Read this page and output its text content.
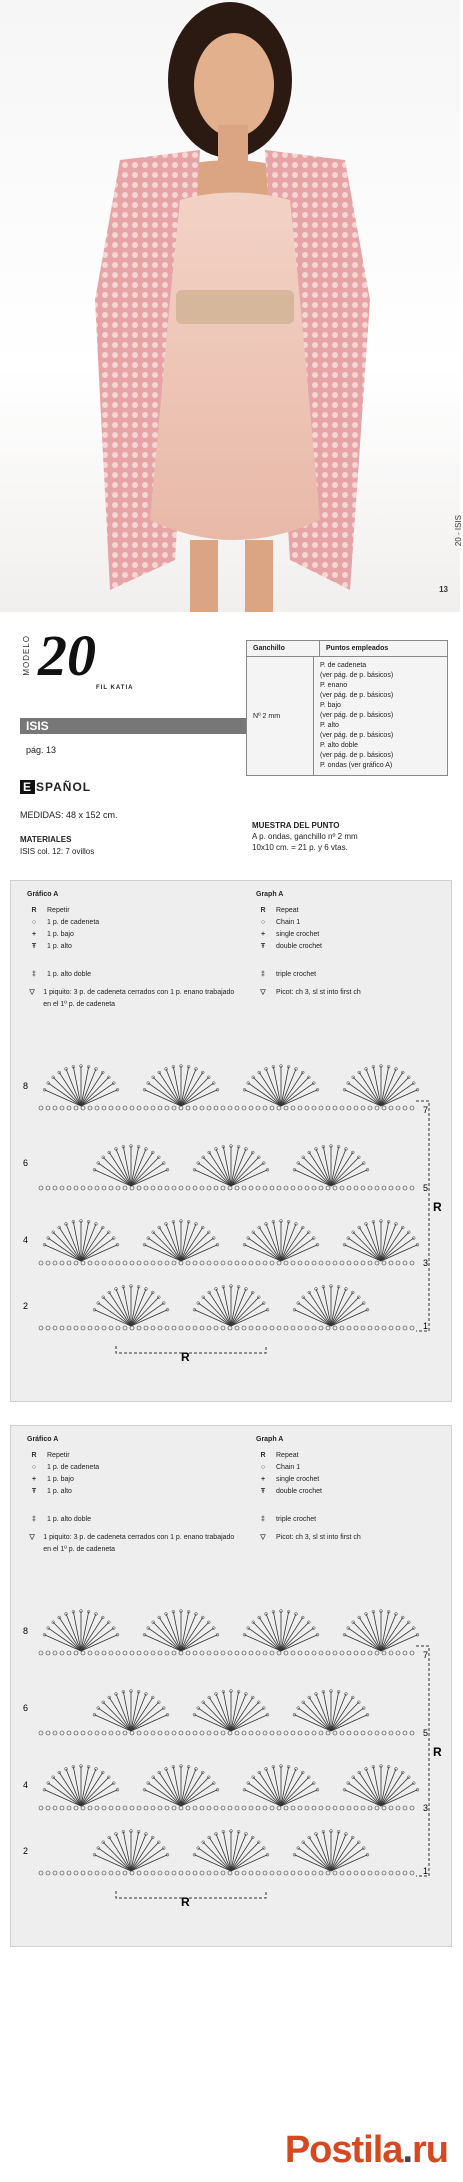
20 - ISIS
13
MODELO 20 FIL KATIA
ISIS
pág. 13
E SPAÑOL
MEDIDAS: 48 x 152 cm.
MATERIALES
ISIS col. 12: 7 ovillos
Ganchillo	Puntos empleados
Nº 2 mm
P. de cadeneta
(ver pág. de p. básicos)
P. enano
(ver pág. de p. básicos)
P. bajo
(ver pág. de p. básicos)
P. alto
(ver pág. de p. básicos)
P. alto doble
(ver pág. de p. básicos)
P. ondas (ver gráfico A)
MUESTRA DEL PUNTO
A p. ondas, ganchillo nº 2 mm
10x10 cm. = 21 p. y 6 vtas.
Gráfico A
R	Repetir
○	1 p. de cadeneta
+	1 p. bajo
Ŧ	1 p. alto
‡	1 p. alto doble
▽	1 piquito: 3 p. de cadeneta cerrados con 1 p. enano trabajado en el 1º p. de cadeneta
Graph A
R	Repeat
○	Chain 1
+	single crochet
Ŧ	double crochet
‡	triple crochet
▽	Picot: ch 3, sl st into first ch
8
6
4
2
7
5
3
1
R
R
Gráfico A
R	Repetir
○	1 p. de cadeneta
+	1 p. bajo
Ŧ	1 p. alto
‡	1 p. alto doble
▽	1 piquito: 3 p. de cadeneta cerrados con 1 p. enano trabajado en el 1º p. de cadeneta
Graph A
R	Repeat
○	Chain 1
+	single crochet
Ŧ	double crochet
‡	triple crochet
▽	Picot: ch 3, sl st into first ch
8
6
4
2
7
5
3
1
R
R
Postila.ru
